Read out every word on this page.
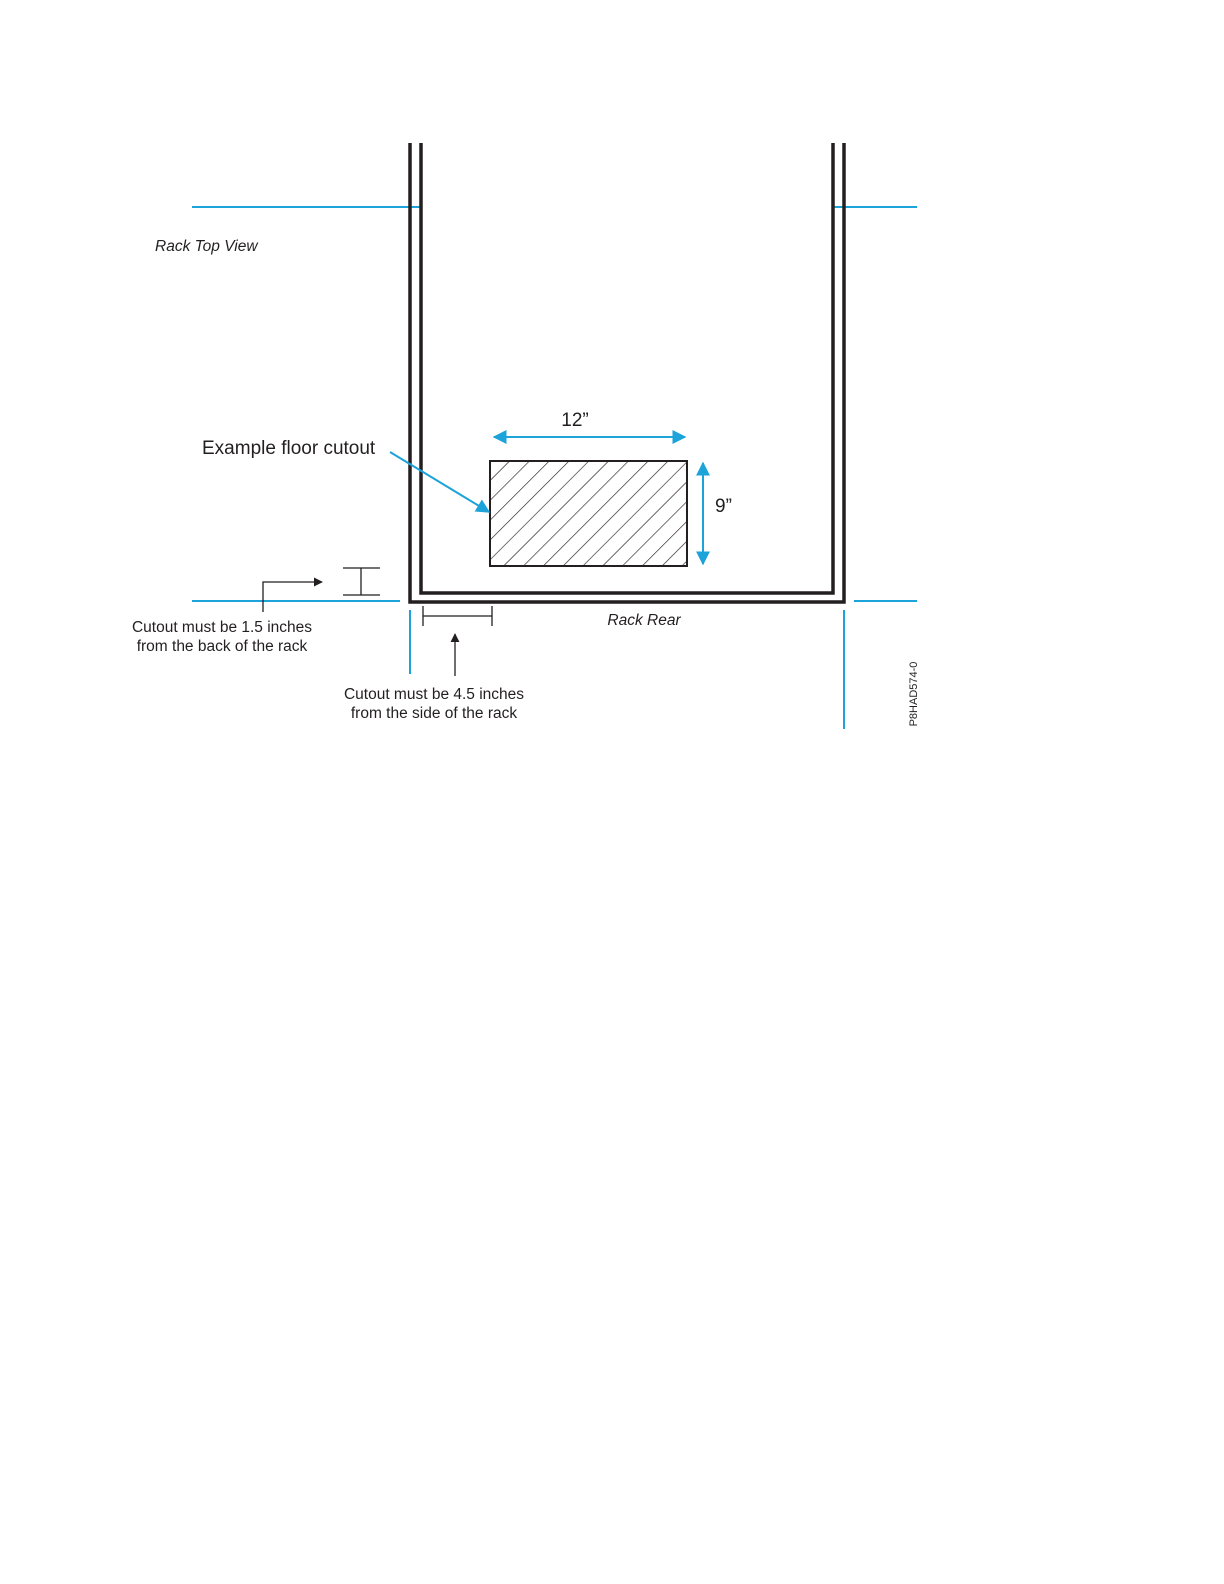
Rack Top View
Example floor cutout
12”
9”
Rack Rear
Cutout must be 1.5 inches
from the back of the rack
Cutout must be 4.5 inches
from the side of the rack	P8HAD574-0
